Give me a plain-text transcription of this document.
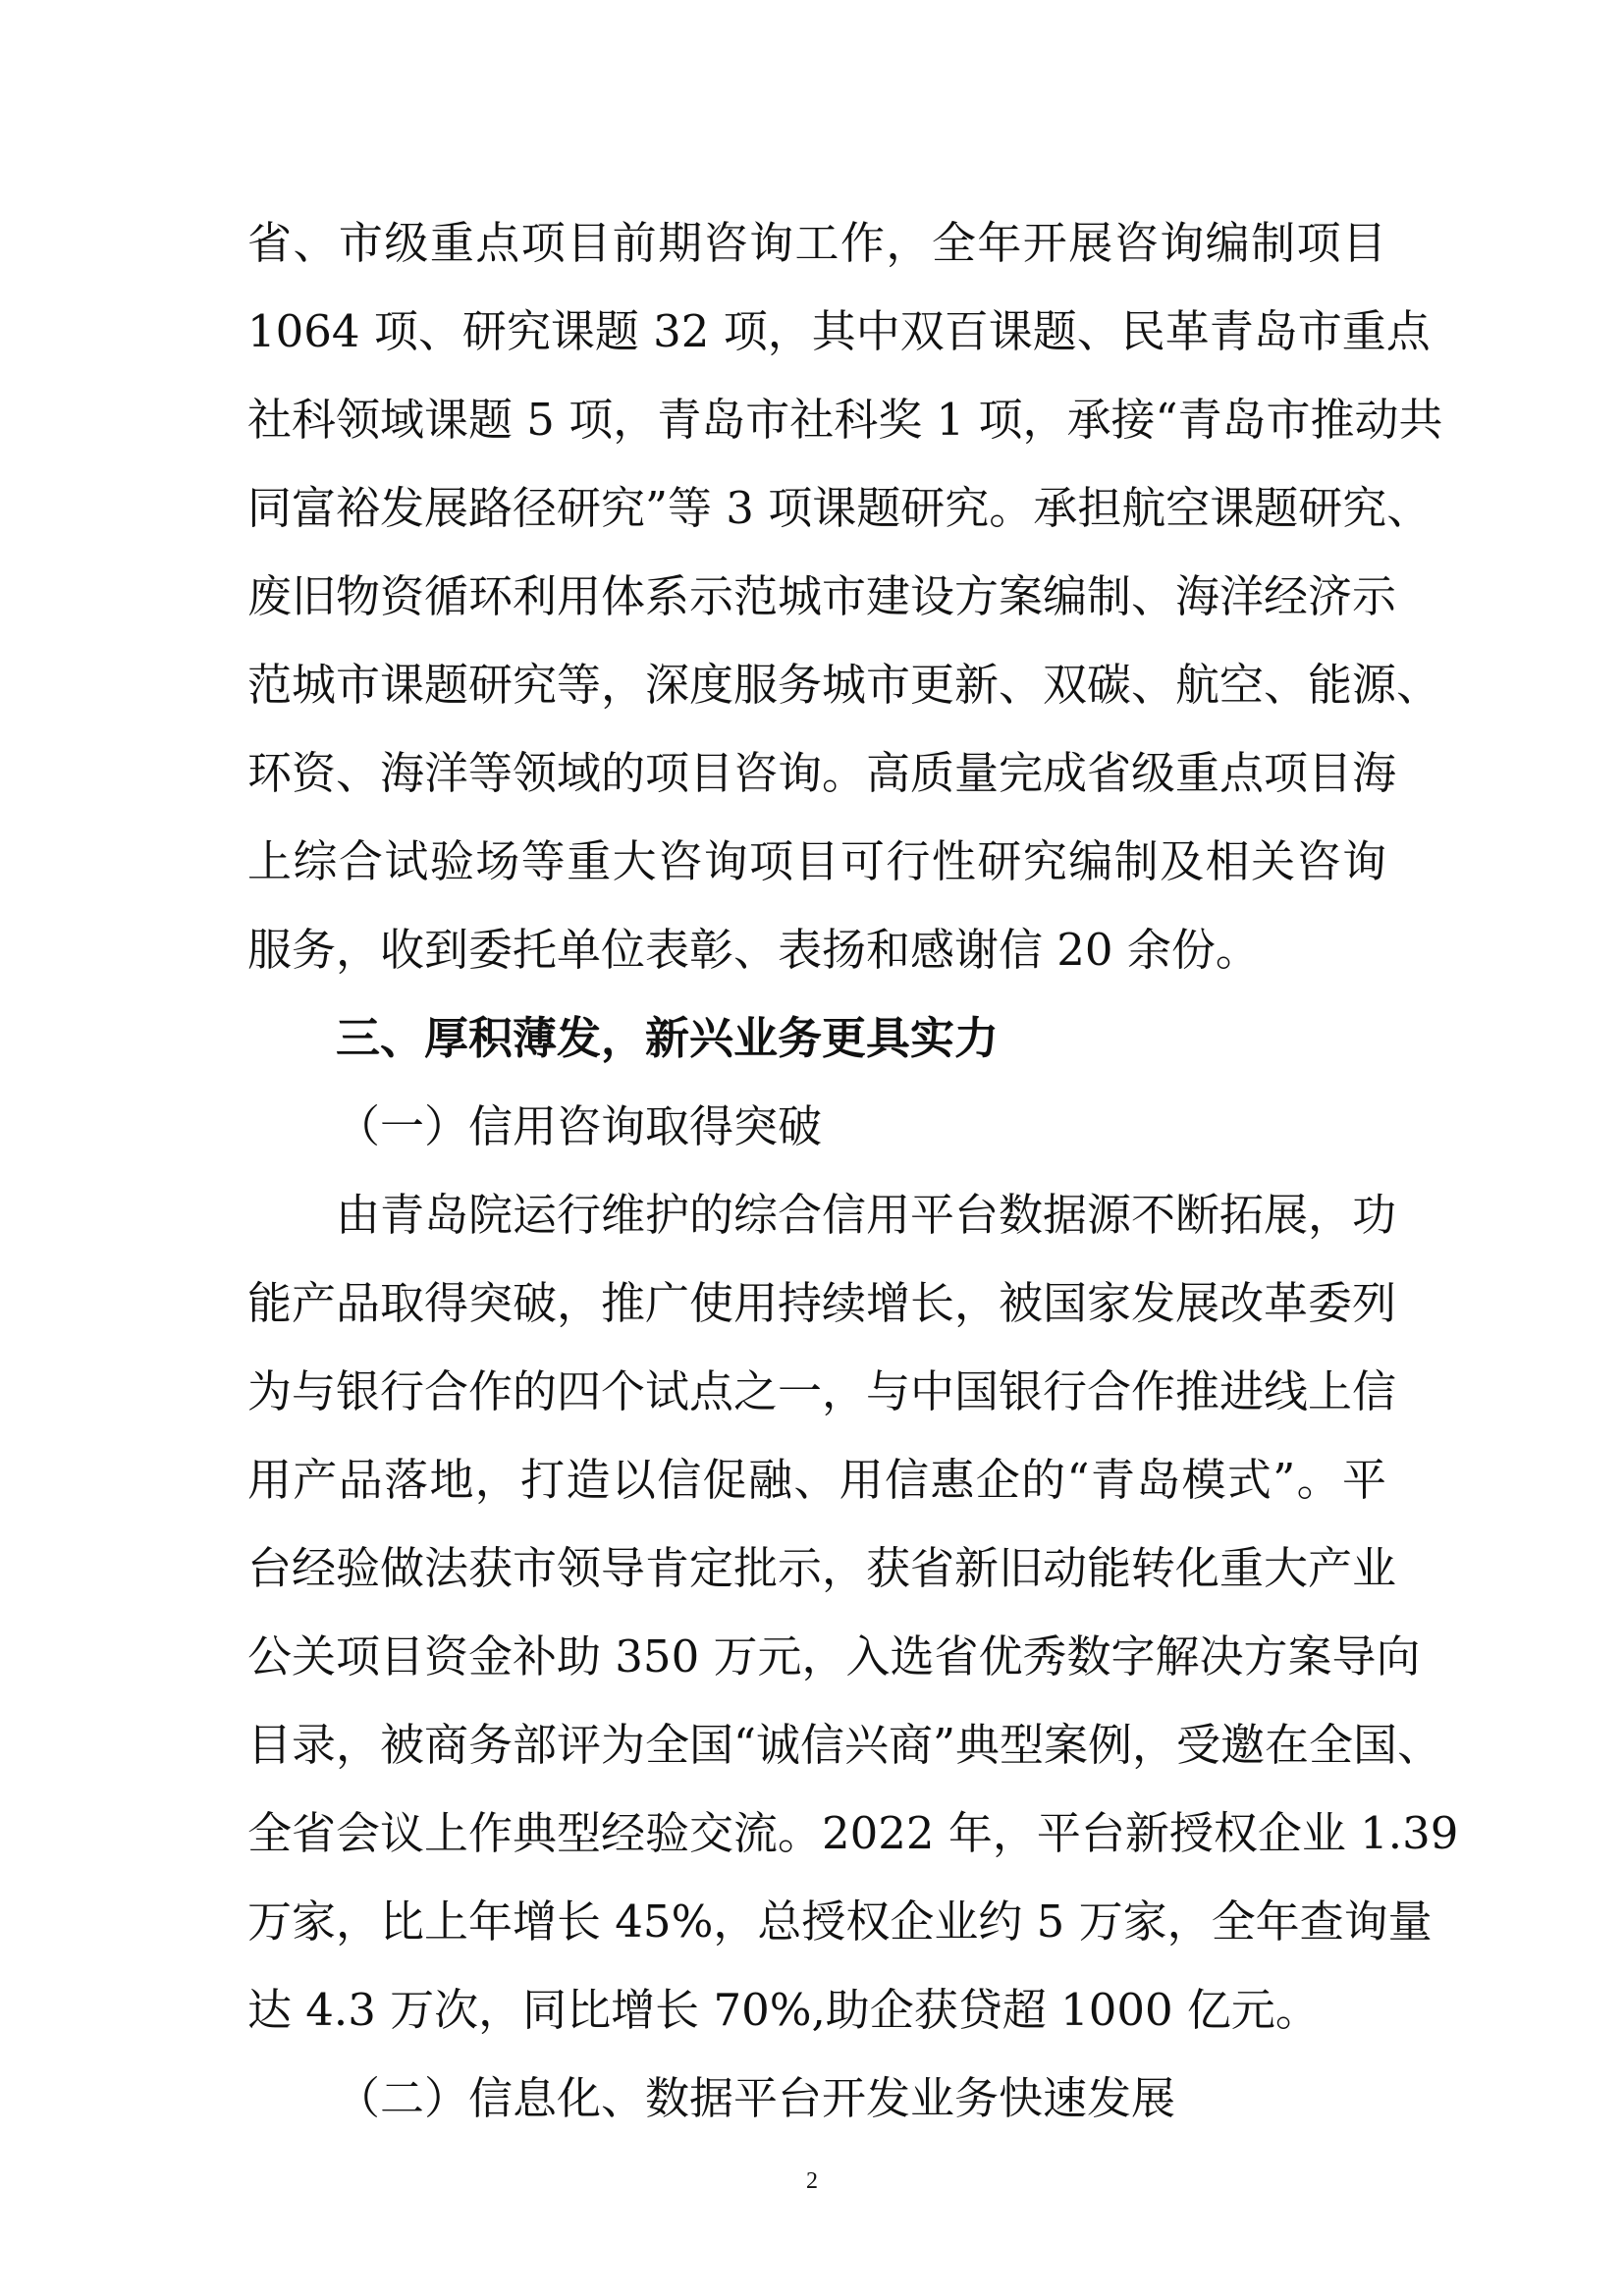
省、市级重点项目前期咨询工作，全年开展咨询编制项目
1064 项、研究课题 32 项，其中双百课题、民革青岛市重点
社科领域课题 5 项，青岛市社科奖 1 项，承接“青岛市推动共
同富裕发展路径研究”等 3 项课题研究。承担航空课题研究、
废旧物资循环利用体系示范城市建设方案编制、海洋经济示
范城市课题研究等，深度服务城市更新、双碳、航空、能源、
环资、海洋等领域的项目咨询。高质量完成省级重点项目海
上综合试验场等重大咨询项目可行性研究编制及相关咨询
服务，收到委托单位表彰、表扬和感谢信 20 余份。
三、厚积薄发，新兴业务更具实力
（一）信用咨询取得突破
由青岛院运行维护的综合信用平台数据源不断拓展，功
能产品取得突破，推广使用持续增长，被国家发展改革委列
为与银行合作的四个试点之一，与中国银行合作推进线上信
用产品落地，打造以信促融、用信惠企的“青岛模式”。平
台经验做法获市领导肯定批示，获省新旧动能转化重大产业
公关项目资金补助 350 万元，入选省优秀数字解决方案导向
目录，被商务部评为全国“诚信兴商”典型案例，受邀在全国、
全省会议上作典型经验交流。2022 年，平台新授权企业 1.39
万家，比上年增长 45%，总授权企业约 5 万家，全年查询量
达 4.3 万次，同比增长 70%,助企获贷超 1000 亿元。
（二）信息化、数据平台开发业务快速发展
2
